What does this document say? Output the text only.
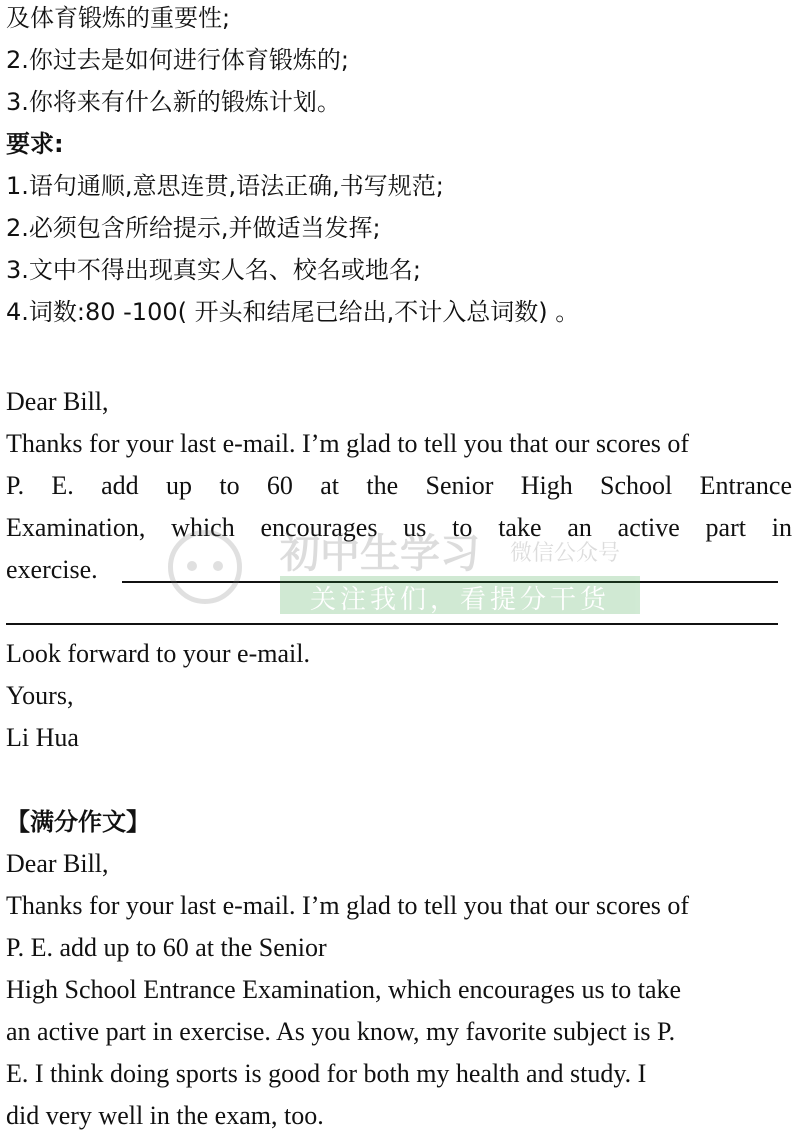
及体育锻炼的重要性;
2.你过去是如何进行体育锻炼的;
3.你将来有什么新的锻炼计划。
要求:
1.语句通顺,意思连贯,语法正确,书写规范;
2.必须包含所给提示,并做适当发挥;
3.文中不得出现真实人名、校名或地名;
4.词数:80 -100( 开头和结尾已给出,不计入总词数) 。
Dear Bill,
Thanks for your last e-mail. I’m glad to tell you that our scores of
P. E. add up to 60 at the Senior High School Entrance
Examination, which encourages us to take an active part in
exercise.
Look forward to your e-mail.
Yours,
Li Hua
初中生学习 微信公众号
关注我们，看提分干货
【满分作文】
Dear Bill,
Thanks for your last e-mail. I’m glad to tell you that our scores of
P. E. add up to 60 at the Senior
High School Entrance Examination, which encourages us to take
an active part in exercise. As you know, my favorite subject is P.
E. I think doing sports is good for both my health and study. I
did very well in the exam, too.
